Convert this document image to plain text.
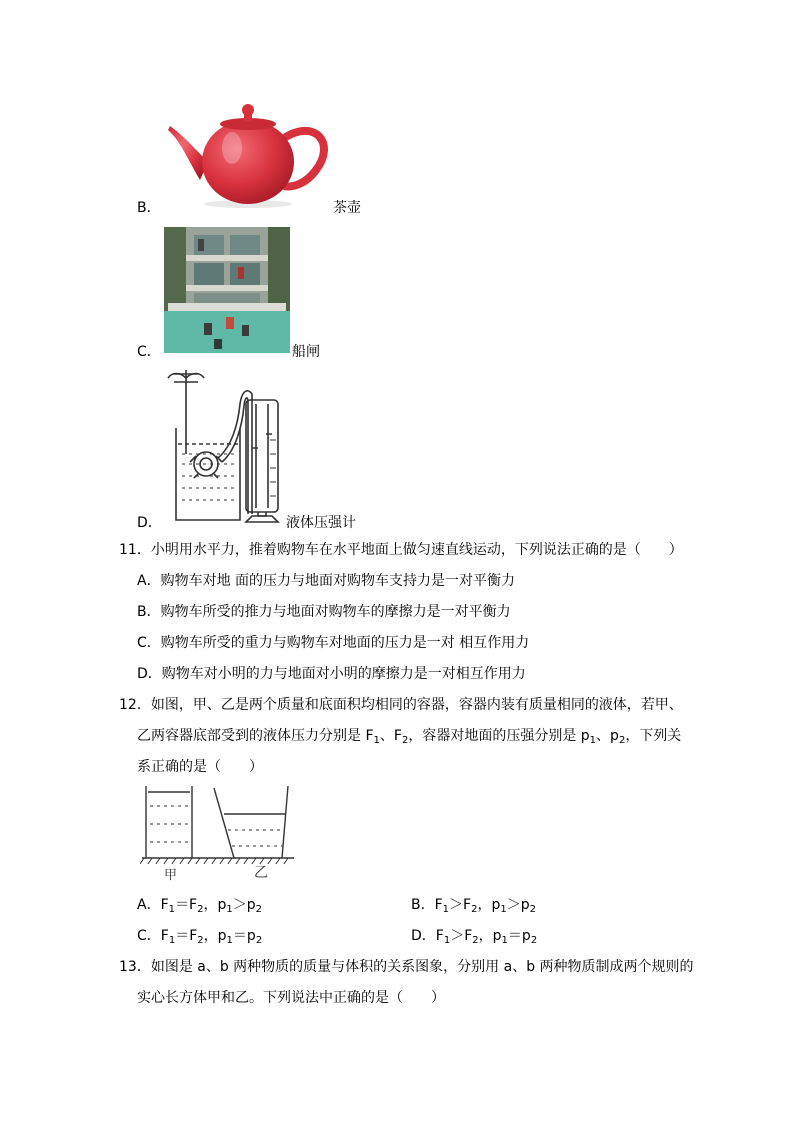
B．	茶壶
C．	船闸
D．	液体压强计
11．小明用水平力，推着购物车在水平地面上做匀速直线运动，下列说法正确的是（　　）
A．购物车对地 面的压力与地面对购物车支持力是一对平衡力
B．购物车所受的推力与地面对购物车的摩擦力是一对平衡力
C．购物车所受的重力与购物车对地面的压力是一对 相互作用力
D．购物车对小明的力与地面对小明的摩擦力是一对相互作用力
12．如图，甲、乙是两个质量和底面积均相同的容器，容器内装有质量相同的液体，若甲、
乙两容器底部受到的液体压力分别是 $F_1$、$F_2$，容器对地面的压强分别是 $p_1$、$p_2$，下列关
系正确的是（　　）
甲	乙
A．$F_1=F_2$，$p_1>p_2$	B．$F_1>F_2$，$p_1>p_2$
C．$F_1=F_2$，$p_1=p_2$	D．$F_1>F_2$，$p_1=p_2$
13．如图是 a、b 两种物质的质量与体积的关系图象，分别用 a、b 两种物质制成两个规则的
实心长方体甲和乙。下列说法中正确的是（　　）
